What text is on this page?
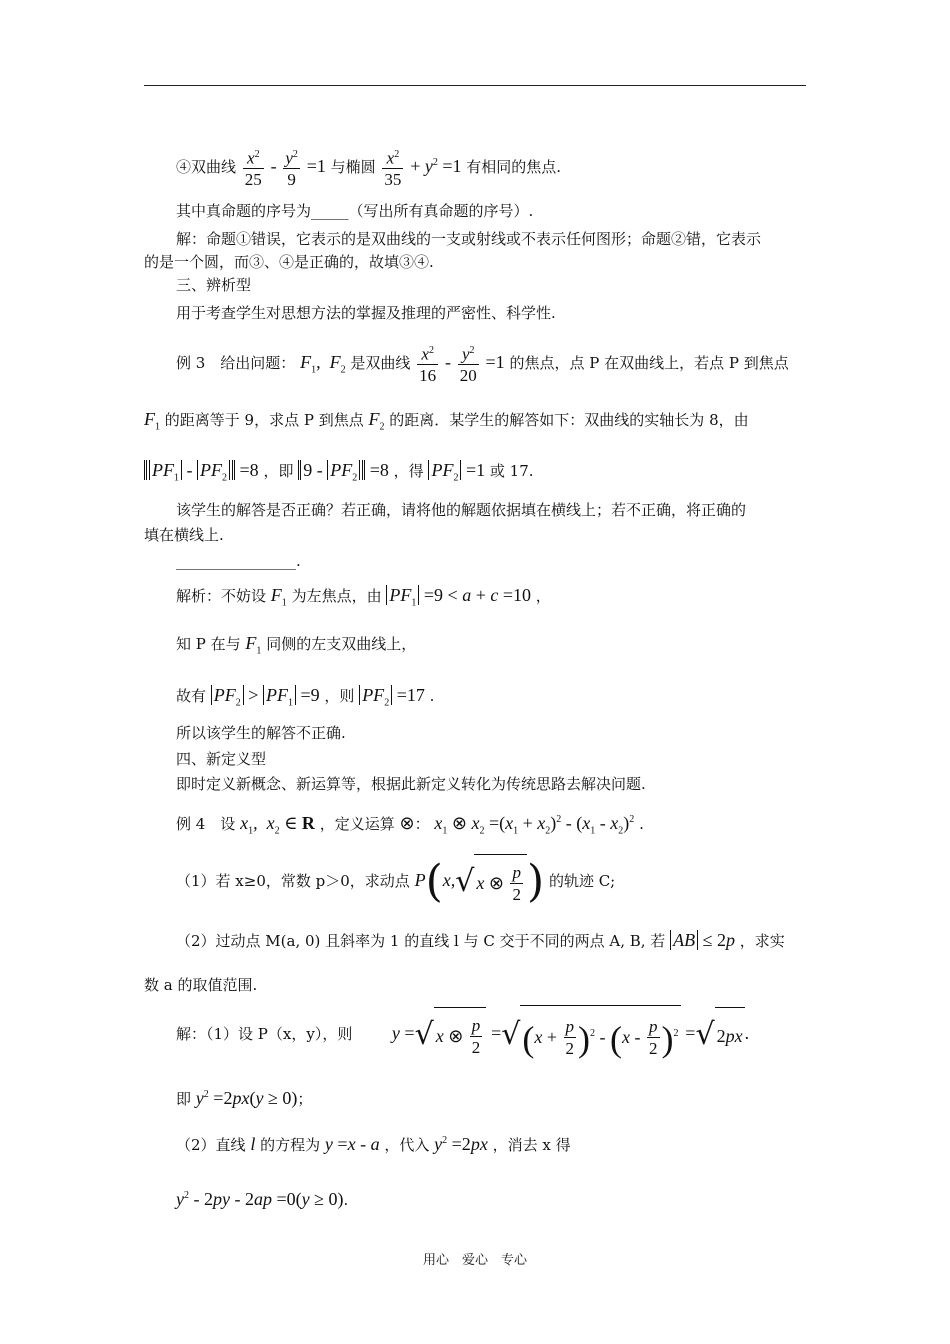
④双曲线 $\frac{x^2}{25} - \frac{y^2}{9} =1$ 与椭圆 $\frac{x^2}{35} + y^2 =1$ 有相同的焦点.
其中真命题的序号为_____（写出所有真命题的序号）.
解：命题①错误，它表示的是双曲线的一支或射线或不表示任何图形；命题②错，它表示
的是一个圆，而③、④是正确的，故填③④.
三、辨析型
用于考查学生对思想方法的掌握及推理的严密性、科学性.
例 3　给出问题： $F_1$,  $F_2$ 是双曲线 $\frac{x^2}{16} - \frac{y^2}{20} =1$ 的焦点，点 P 在双曲线上，若点 P 到焦点
$F_1$ 的距离等于 9，求点 P 到焦点 $F_2$ 的距离．某学生的解答如下：双曲线的实轴长为 8，由
$PF_1 - PF_2 =8$ ，即 $9 - PF_2 =8$ ，得 $PF_2 =1$ 或 17.
该学生的解答是否正确？若正确，请将他的解题依据填在横线上；若不正确，将正确的
填在横线上.
________________.
解析：不妨设 $F_1$ 为左焦点，由 $PF_1 =9 < a + c =10$ ，
知 P 在与 $F_1$ 同侧的左支双曲线上，
故有 $PF_2 > PF_1 =9$ ，则 $PF_2 =17$ .
所以该学生的解答不正确.
四、新定义型
即时定义新概念、新运算等，根据此新定义转化为传统思路去解决问题.
例 4　设 $x_1$,  $x_2$ ∈ R ，定义运算 ⊗： $x_1$ ⊗ $x_2 =(x_1 + x_2)^2 - (x_1 - x_2)^2$ .
（1）若 x≥0，常数 p＞0，求动点 P(x,√ x ⊗ $\frac{p}{2}$ ) 的轨迹 C;
（2）过动点 M(a, 0) 且斜率为 1 的直线 l 与 C 交于不同的两点 A, B, 若 AB ≤ 2p ，求实
数 a 的取值范围.
解：（1）设 P（x，y），则 y =√ x ⊗ $\frac{p}{2} =√(x + \frac{p}{2} )^2 - (x - \frac{p}{2} )^2$ =√ 2px .
即 $y^2 =2px(y \ge 0)$；
（2）直线 l 的方程为 y =x - a ，代入 $y^2 =2px$ ，消去 x 得
$y^2 - 2py - 2ap =0(y \ge 0)$.
用心　爱心　专心
